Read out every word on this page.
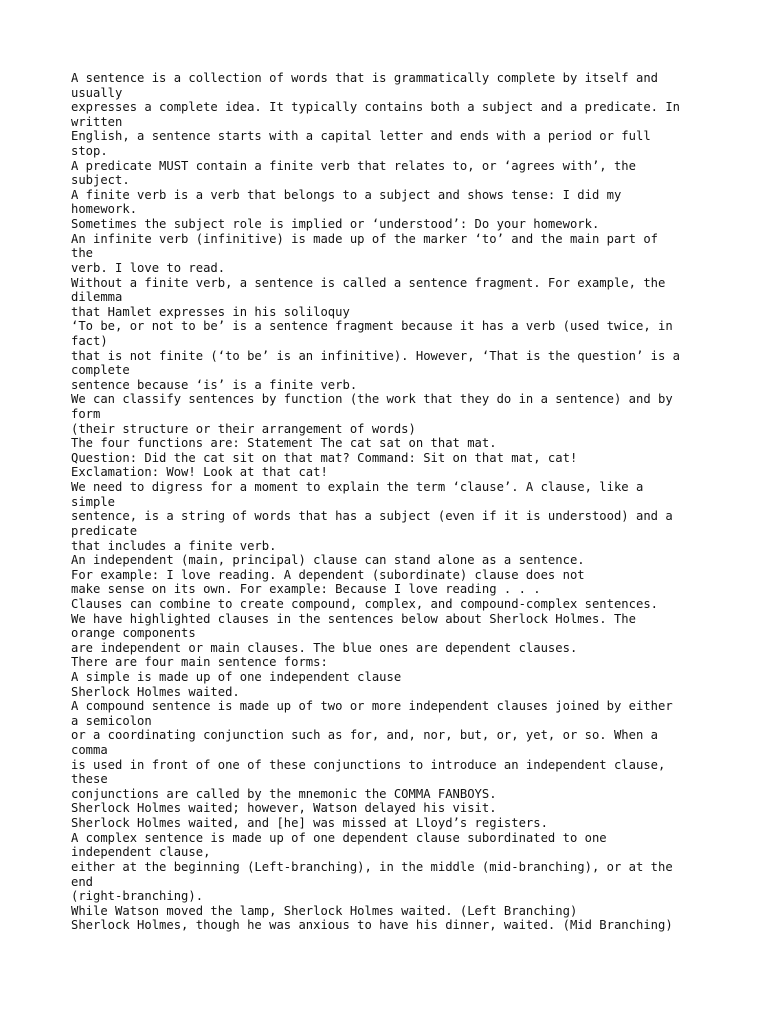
A sentence is a collection of words that is grammatically complete by itself and
usually
expresses a complete idea. It typically contains both a subject and a predicate. In
written
English, a sentence starts with a capital letter and ends with a period or full
stop.
A predicate MUST contain a finite verb that relates to, or ‘agrees with’, the
subject.
A finite verb is a verb that belongs to a subject and shows tense: I did my
homework.
Sometimes the subject role is implied or ‘understood’: Do your homework.
An infinite verb (infinitive) is made up of the marker ‘to’ and the main part of
the
verb. I love to read.
Without a finite verb, a sentence is called a sentence fragment. For example, the
dilemma
that Hamlet expresses in his soliloquy
‘To be, or not to be’ is a sentence fragment because it has a verb (used twice, in
fact)
that is not finite (‘to be’ is an infinitive). However, ‘That is the question’ is a
complete
sentence because ‘is’ is a finite verb.
We can classify sentences by function (the work that they do in a sentence) and by
form
(their structure or their arrangement of words)
The four functions are: Statement The cat sat on that mat.
Question: Did the cat sit on that mat? Command: Sit on that mat, cat!
Exclamation: Wow! Look at that cat!
We need to digress for a moment to explain the term ‘clause’. A clause, like a
simple
sentence, is a string of words that has a subject (even if it is understood) and a
predicate
that includes a finite verb.
An independent (main, principal) clause can stand alone as a sentence.
For example: I love reading. A dependent (subordinate) clause does not
make sense on its own. For example: Because I love reading . . .
Clauses can combine to create compound, complex, and compound-complex sentences.
We have highlighted clauses in the sentences below about Sherlock Holmes. The
orange components
are independent or main clauses. The blue ones are dependent clauses.
There are four main sentence forms:
A simple is made up of one independent clause
Sherlock Holmes waited.
A compound sentence is made up of two or more independent clauses joined by either
a semicolon
or a coordinating conjunction such as for, and, nor, but, or, yet, or so. When a
comma
is used in front of one of these conjunctions to introduce an independent clause,
these
conjunctions are called by the mnemonic the COMMA FANBOYS.
Sherlock Holmes waited; however, Watson delayed his visit.
Sherlock Holmes waited, and [he] was missed at Lloyd’s registers.
A complex sentence is made up of one dependent clause subordinated to one
independent clause,
either at the beginning (Left-branching), in the middle (mid-branching), or at the
end
(right-branching).
While Watson moved the lamp, Sherlock Holmes waited. (Left Branching)
Sherlock Holmes, though he was anxious to have his dinner, waited. (Mid Branching)
